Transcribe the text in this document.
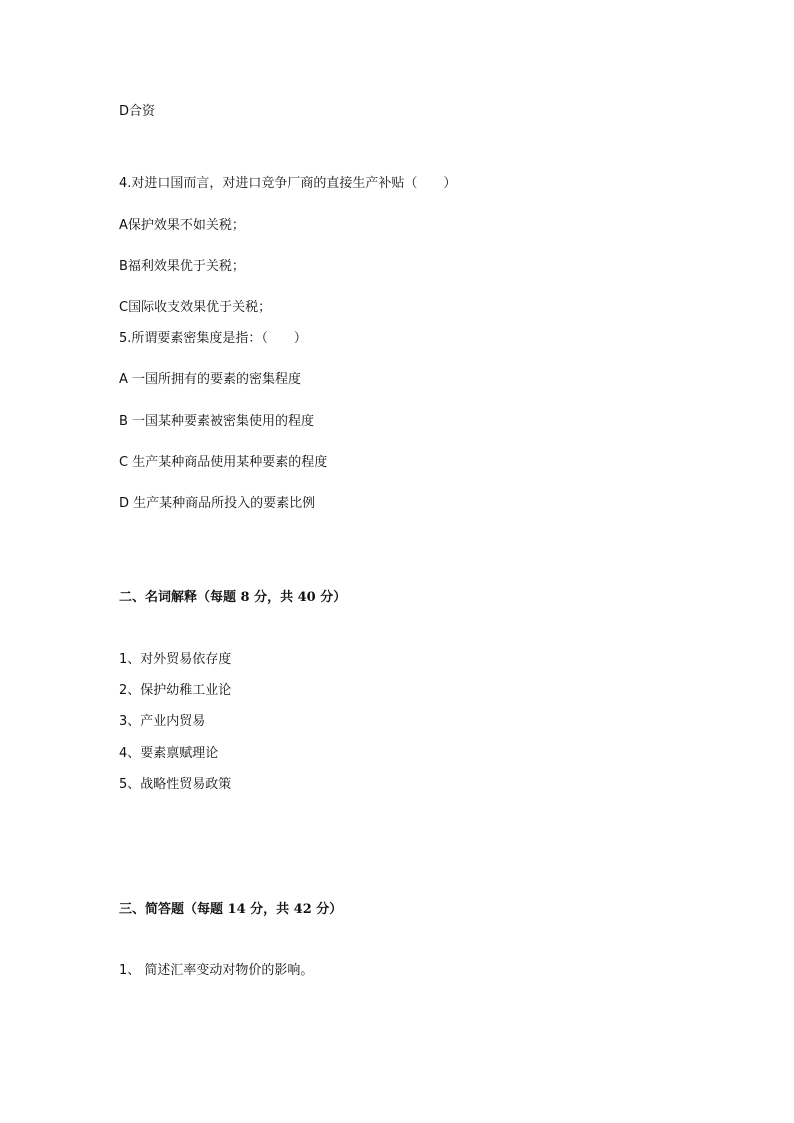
D合资
4.对进口国而言，对进口竞争厂商的直接生产补贴（　　）
A保护效果不如关税；
B福利效果优于关税；
C国际收支效果优于关税；
5.所谓要素密集度是指：（　　）
A 一国所拥有的要素的密集程度
B 一国某种要素被密集使用的程度
C 生产某种商品使用某种要素的程度
D 生产某种商品所投入的要素比例
二、名词解释（每题 8 分，共 40 分）
1、对外贸易依存度
2、保护幼稚工业论
3、产业内贸易
4、要素禀赋理论
5、战略性贸易政策
三、简答题（每题 14 分，共 42 分）
1、 简述汇率变动对物价的影响。
